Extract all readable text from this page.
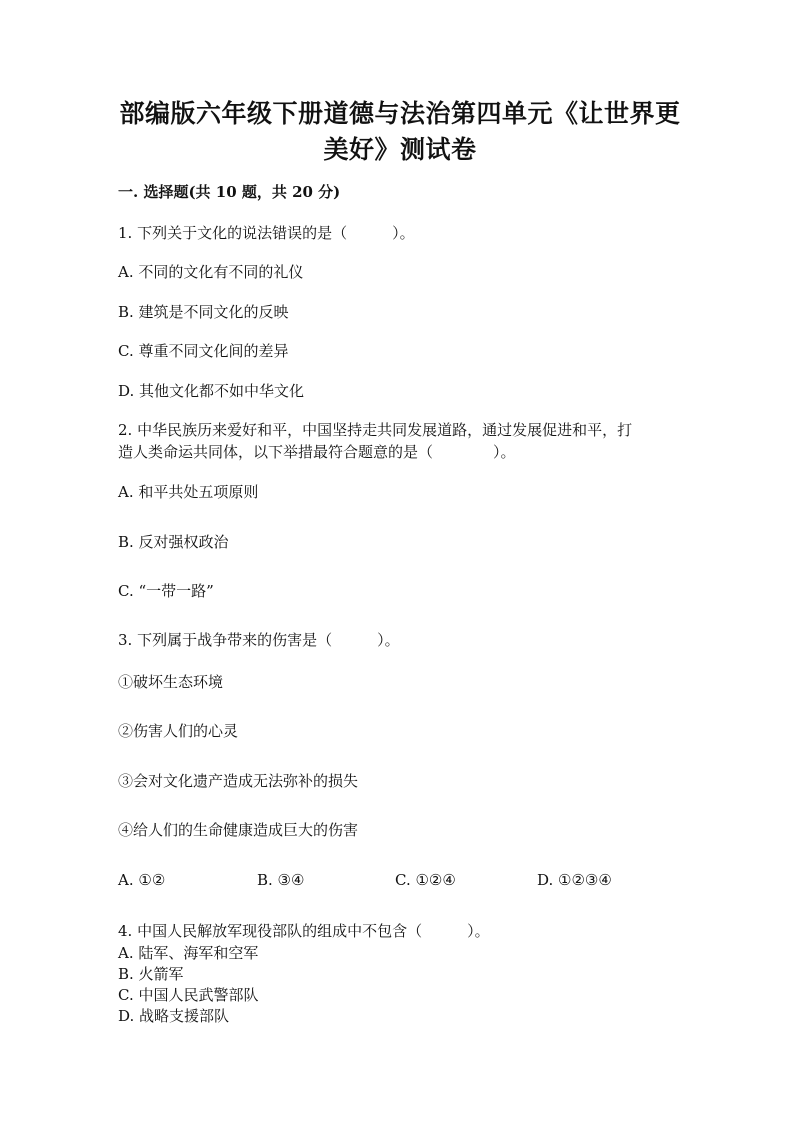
部编版六年级下册道德与法治第四单元《让世界更
美好》测试卷
一. 选择题(共 10 题，共 20 分)
1. 下列关于文化的说法错误的是（　　　）。
A. 不同的文化有不同的礼仪
B. 建筑是不同文化的反映
C. 尊重不同文化间的差异
D. 其他文化都不如中华文化
2. 中华民族历来爱好和平，中国坚持走共同发展道路，通过发展促进和平，打
造人类命运共同体，以下举措最符合题意的是（　　　　）。
A. 和平共处五项原则
B. 反对强权政治
C. “一带一路”
3. 下列属于战争带来的伤害是（　　　）。
①破坏生态环境
②伤害人们的心灵
③会对文化遗产造成无法弥补的损失
④给人们的生命健康造成巨大的伤害
A. ①②	B. ③④	C. ①②④	D. ①②③④
4. 中国人民解放军现役部队的组成中不包含（　　　）。
A. 陆军、海军和空军
B. 火箭军
C. 中国人民武警部队
D. 战略支援部队
